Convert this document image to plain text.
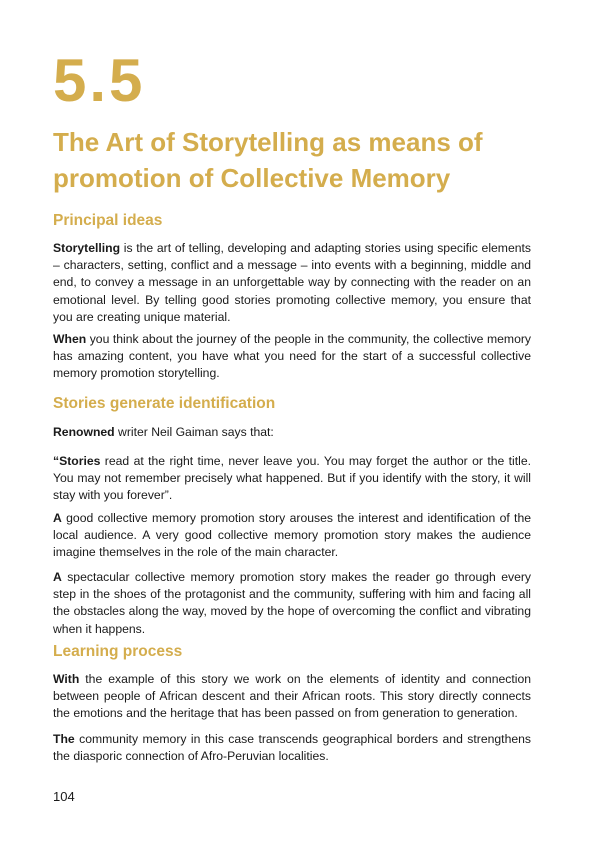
5.5
The Art of Storytelling as means of promotion of Collective Memory
Principal ideas

Storytelling is the art of telling, developing and adapting stories using specific elements – characters, setting, conflict and a message – into events with a beginning, middle and end, to convey a message in an unforgettable way by connecting with the reader on an emotional level. By telling good stories promoting collective memory, you ensure that you are creating unique material.

When you think about the journey of the people in the community, the collective memory has amazing content, you have what you need for the start of a successful collective memory promotion storytelling.

Stories generate identification

Renowned writer Neil Gaiman says that:

“Stories read at the right time, never leave you. You may forget the author or the title. You may not remember precisely what happened. But if you identify with the story, it will stay with you forever”.

A good collective memory promotion story arouses the interest and identification of the local audience. A very good collective memory promotion story makes the audience imagine themselves in the role of the main character.

A spectacular collective memory promotion story makes the reader go through every step in the shoes of the protagonist and the community, suffering with him and facing all the obstacles along the way, moved by the hope of overcoming the conflict and vibrating when it happens.

Learning process

With the example of this story we work on the elements of identity and connection between people of African descent and their African roots. This story directly connects the emotions and the heritage that has been passed on from generation to generation.

The community memory in this case transcends geographical borders and strengthens the diasporic connection of Afro-Peruvian localities.

104
